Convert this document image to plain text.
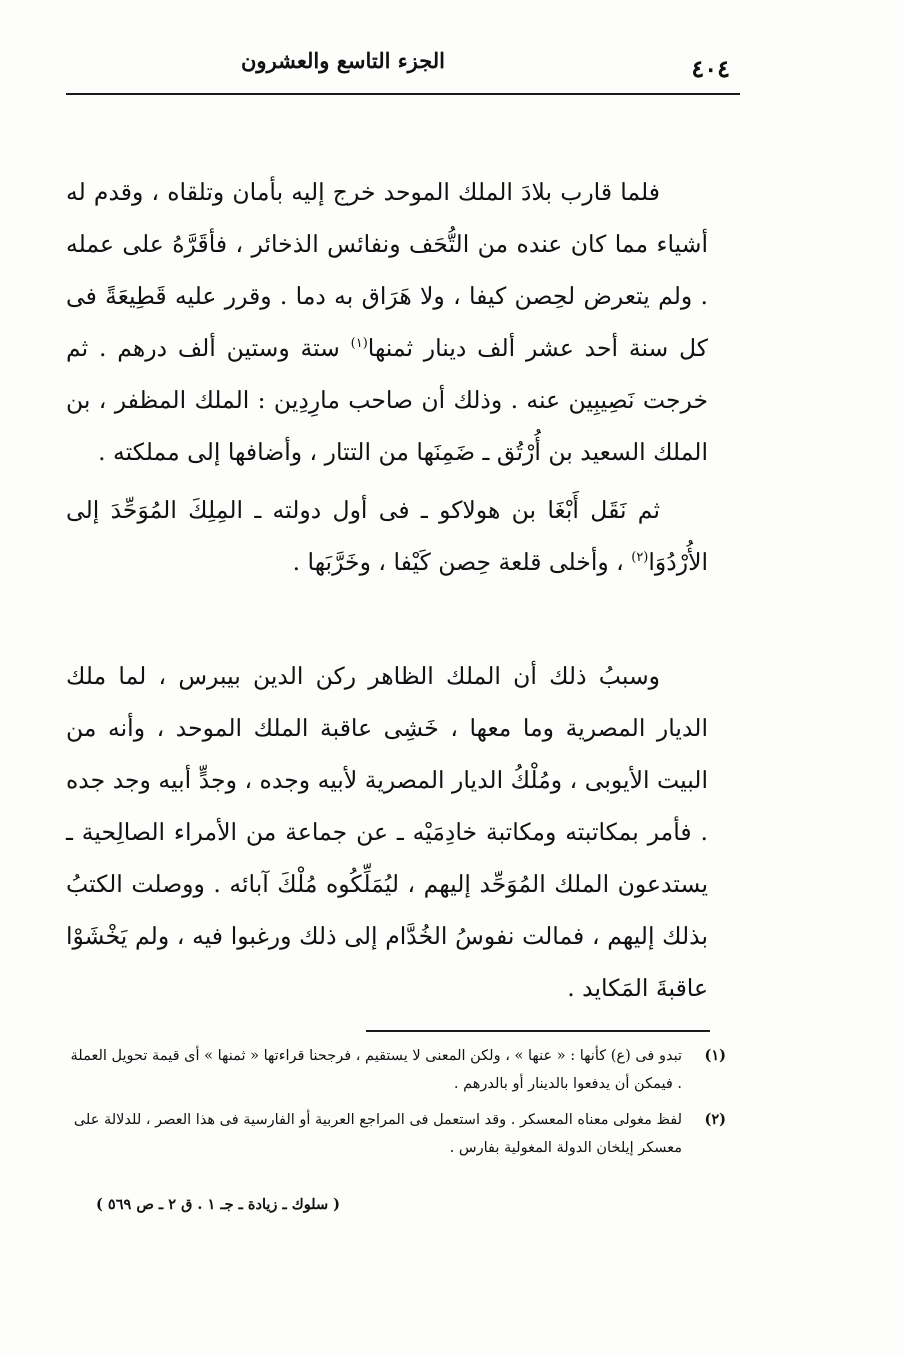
٤٠٤
الجزء التاسع والعشرون

فلما قارب بلادَ الملك الموحد خرج إليه بأمان وتلقاه ، وقدم له أشياء مما كان عنده من التُّحَف ونفائس الذخائر ، فأقَرَّهُ على عمله . ولم يتعرض لحِصن كيفا ، ولا هَرَاق به دما . وقرر عليه قَطِيعَةً فى كل سنة أحد عشر ألف دينار ثمنها$^{(١)}$ ستة وستين ألف درهم . ثم خرجت نَصِيبِين عنه . وذلك أن صاحب مارِدِين : الملك المظفر ، بن الملك السعيد بن أُرْتُق ـ ضَمِنَها من التتار ، وأضافها إلى مملكته .

ثم نَقَل أَبْغَا بن هولاكو ـ فى أول دولته ـ المِلِكَ المُوَحِّدَ إلى الأُرْدُوَا$^{(٢)}$ ، وأخلى قلعة حِصن كَيْفا ، وخَرَّبَها .

وسببُ ذلك أن الملك الظاهر ركن الدين بيبرس ، لما ملك الديار المصرية وما معها ، خَشِى عاقبة الملك الموحد ، وأنه من البيت الأيوبى ، ومُلْكُ الديار المصرية لأبيه وجده ، وجدٍّ أبيه وجد جده . فأمر بمكاتبته ومكاتبة خادِمَيْه ـ عن جماعة من الأمراء الصالِحية ـ يستدعون الملك المُوَحِّد إليهم ، ليُمَلِّكُوه مُلْكَ آبائه . ووصلت الكتبُ بذلك إليهم ، فمالت نفوسُ الخُدَّام إلى ذلك ورغبوا فيه ، ولم يَخْشَوْا عاقبةَ المَكايد .

(١)
تبدو فى (ع) كأنها : « عنها » ، ولكن المعنى لا يستقيم ، فرجحنا قراءتها « ثمنها » أى قيمة تحويل العملة . فيمكن أن يدفعوا بالدينار أو بالدرهم .

(٢)
لفظ مغولى معناه المعسكر . وقد استعمل فى المراجع العربية أو الفارسية فى هذا العصر ، للدلالة على معسكر إيلخان الدولة المغولية بفارس .

( سلوك ـ زيادة ـ جـ ١ . ق ٢ ـ ص ٥٦٩ )
